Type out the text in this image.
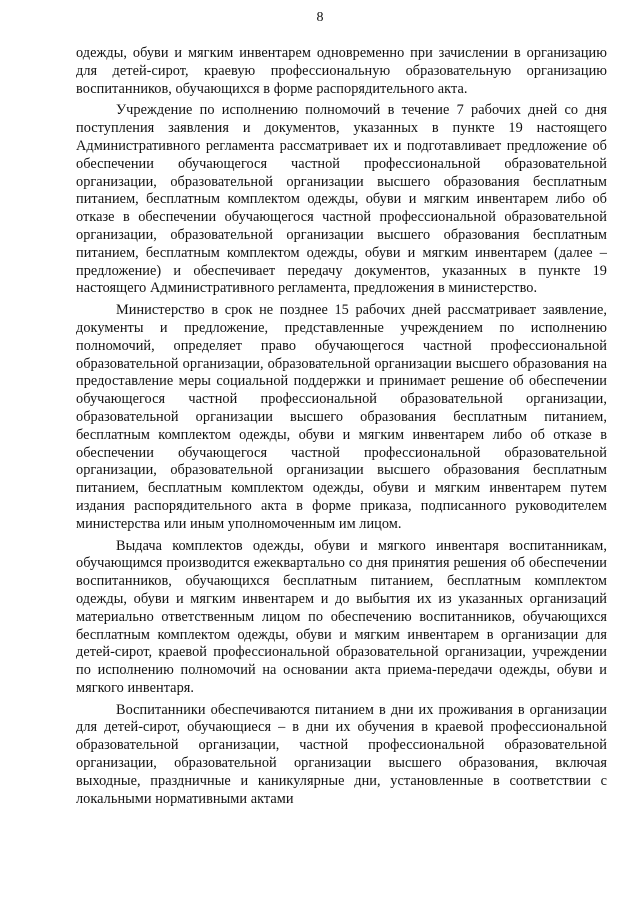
8

одежды, обуви и мягким инвентарем одновременно при зачислении в организацию для детей-сирот, краевую профессиональную образовательную организацию воспитанников, обучающихся в форме распорядительного акта.

Учреждение по исполнению полномочий в течение 7 рабочих дней со дня поступления заявления и документов, указанных в пункте 19 настоящего Административного регламента рассматривает их и подготавливает предложение об обеспечении обучающегося частной профессиональной образовательной организации, образовательной организации высшего образования бесплатным питанием, бесплатным комплектом одежды, обуви и мягким инвентарем либо об отказе в обеспечении обучающегося частной профессиональной образовательной организации, образовательной организации высшего образования бесплатным питанием, бесплатным комплектом одежды, обуви и мягким инвентарем (далее – предложение) и обеспечивает передачу документов, указанных в пункте 19 настоящего Административного регламента, предложения в министерство.

Министерство в срок не позднее 15 рабочих дней рассматривает заявление, документы и предложение, представленные учреждением по исполнению полномочий, определяет право обучающегося частной профессиональной образовательной организации, образовательной организации высшего образования на предоставление меры социальной поддержки и принимает решение об обеспечении обучающегося частной профессиональной образовательной организации, образовательной организации высшего образования бесплатным питанием, бесплатным комплектом одежды, обуви и мягким инвентарем либо об отказе в обеспечении обучающегося частной профессиональной образовательной организации, образовательной организации высшего образования бесплатным питанием, бесплатным комплектом одежды, обуви и мягким инвентарем путем издания распорядительного акта в форме приказа, подписанного руководителем министерства или иным уполномоченным им лицом.

Выдача комплектов одежды, обуви и мягкого инвентаря воспитанникам, обучающимся производится ежеквартально со дня принятия решения об обеспечении воспитанников, обучающихся бесплатным питанием, бесплатным комплектом одежды, обуви и мягким инвентарем и до выбытия их из указанных организаций материально ответственным лицом по обеспечению воспитанников, обучающихся бесплатным комплектом одежды, обуви и мягким инвентарем в организации для детей-сирот, краевой профессиональной образовательной организации, учреждении по исполнению полномочий на основании акта приема-передачи одежды, обуви и мягкого инвентаря.

Воспитанники обеспечиваются питанием в дни их проживания в организации для детей-сирот, обучающиеся – в дни их обучения в краевой профессиональной образовательной организации, частной профессиональной образовательной организации, образовательной организации высшего образования, включая выходные, праздничные и каникулярные дни, установленные в соответствии с локальными нормативными актами
